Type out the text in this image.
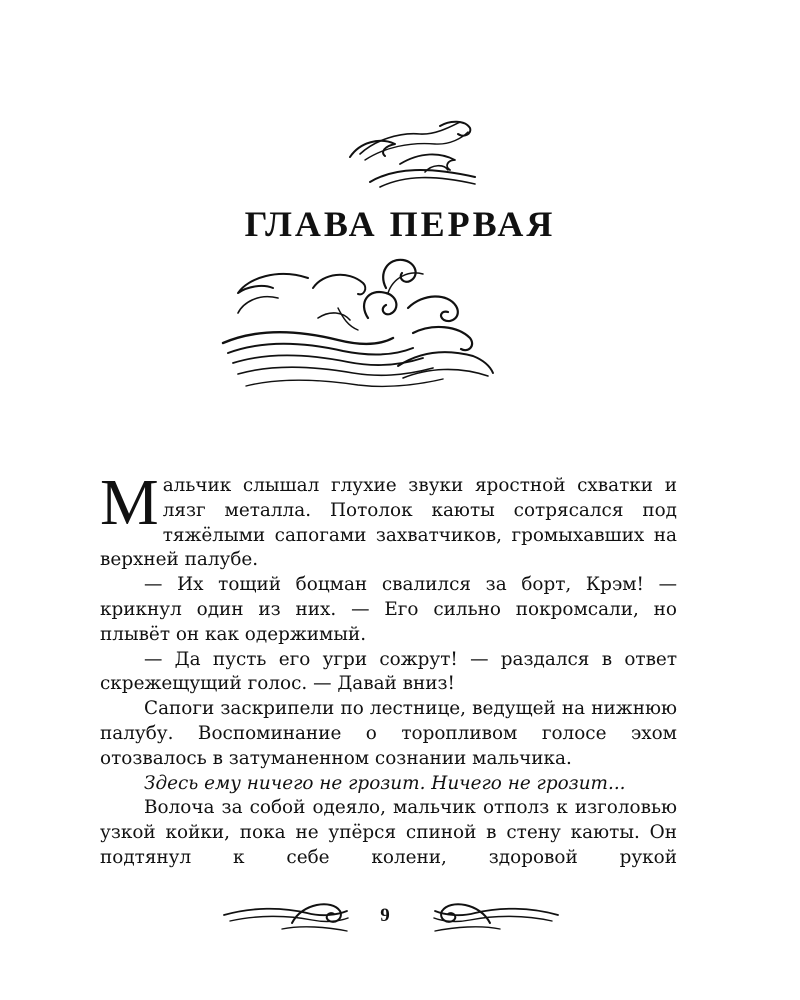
ГЛАВА ПЕРВАЯ

Мальчик слышал глухие звуки яростной схватки и лязг металла. Потолок каюты сотрясался под тяжёлыми сапогами захватчиков, громыхавших на верхней палубе.

— Их тощий боцман свалился за борт, Крэм! — крикнул один из них. — Его сильно покромсали, но плывёт он как одержимый.

— Да пусть его угри сожрут! — раздался в ответ скрежещущий голос. — Давай вниз!

Сапоги заскрипели по лестнице, ведущей на нижнюю палубу. Воспоминание о торопливом голосе эхом отозвалось в затуманенном сознании мальчика.

Здесь ему ничего не грозит. Ничего не грозит...

Волоча за собой одеяло, мальчик отполз к изголовью узкой койки, пока не упёрся спиной в стену каюты. Он подтянул к себе колени, здоровой рукой

9
